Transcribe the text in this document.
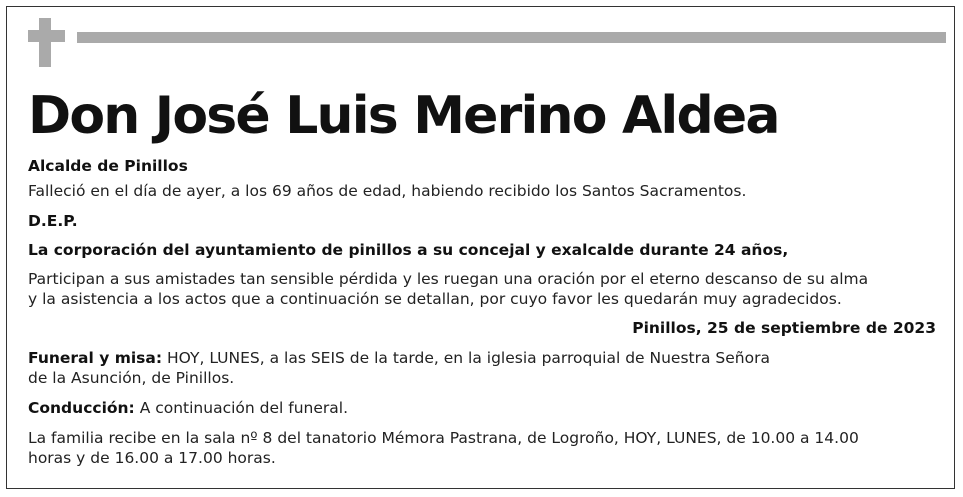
Don José Luis Merino Aldea

Alcalde de Pinillos

Falleció en el día de ayer, a los 69 años de edad, habiendo recibido los Santos Sacramentos.

D.E.P.

La corporación del ayuntamiento de pinillos a su concejal y exalcalde durante 24 años,

Participan a sus amistades tan sensible pérdida y les ruegan una oración por el eterno descanso de su alma

y la asistencia a los actos que a continuación se detallan, por cuyo favor les quedarán muy agradecidos.

Pinillos, 25 de septiembre de 2023

Funeral y misa: HOY, LUNES, a las SEIS de la tarde, en la iglesia parroquial de Nuestra Señora

de la Asunción, de Pinillos.

Conducción: A continuación del funeral.

La familia recibe en la sala nº 8 del tanatorio Mémora Pastrana, de Logroño, HOY, LUNES, de 10.00 a 14.00

horas y de 16.00 a 17.00 horas.
